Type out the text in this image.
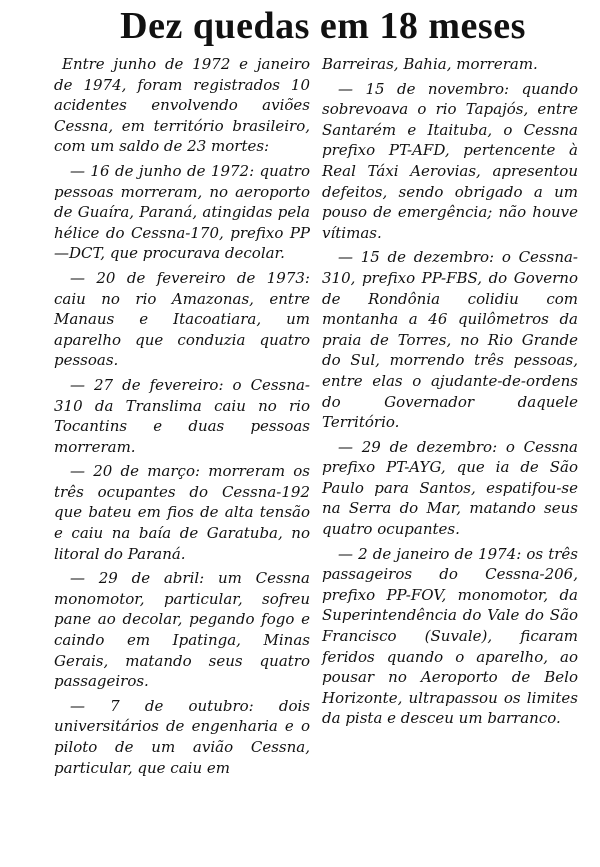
Dez quedas em 18 meses

Entre junho de 1972 e janeiro de 1974, foram registrados 10 acidentes envolvendo aviões Cessna, em território brasileiro, com um saldo de 23 mortes:

— 16 de junho de 1972: quatro pessoas morreram, no aeroporto de Guaíra, Paraná, atingidas pela hélice do Cessna-170, prefixo PP—DCT, que procurava decolar.

— 20 de fevereiro de 1973: caiu no rio Amazonas, entre Manaus e Itacoatiara, um aparelho que conduzia quatro pessoas.

— 27 de fevereiro: o Cessna-310 da Translima caiu no rio Tocantins e duas pessoas morreram.

— 20 de março: morreram os três ocupantes do Cessna-192 que bateu em fios de alta tensão e caiu na baía de Garatuba, no litoral do Paraná.

— 29 de abril: um Cessna monomotor, particular, sofreu pane ao decolar, pegando fogo e caindo em Ipatinga, Minas Gerais, matando seus quatro passageiros.

— 7 de outubro: dois universitários de engenharia e o piloto de um avião Cessna, particular, que caiu em

Barreiras, Bahia, morreram.

— 15 de novembro: quando sobrevoava o rio Tapajós, entre Santarém e Itaituba, o Cessna prefixo PT-AFD, pertencente à Real Táxi Aerovias, apresentou defeitos, sendo obrigado a um pouso de emergência; não houve vítimas.

— 15 de dezembro: o Cessna-310, prefixo PP-FBS, do Governo de Rondônia colidiu com montanha a 46 quilômetros da praia de Torres, no Rio Grande do Sul, morrendo três pessoas, entre elas o ajudante-de-ordens do Governador daquele Território.

— 29 de dezembro: o Cessna prefixo PT-AYG, que ia de São Paulo para Santos, espatifou-se na Serra do Mar, matando seus quatro ocupantes.

— 2 de janeiro de 1974: os três passageiros do Cessna-206, prefixo PP-FOV, monomotor, da Superintendência do Vale do São Francisco (Suvale), ficaram feridos quando o aparelho, ao pousar no Aeroporto de Belo Horizonte, ultrapassou os limites da pista e desceu um barranco.
